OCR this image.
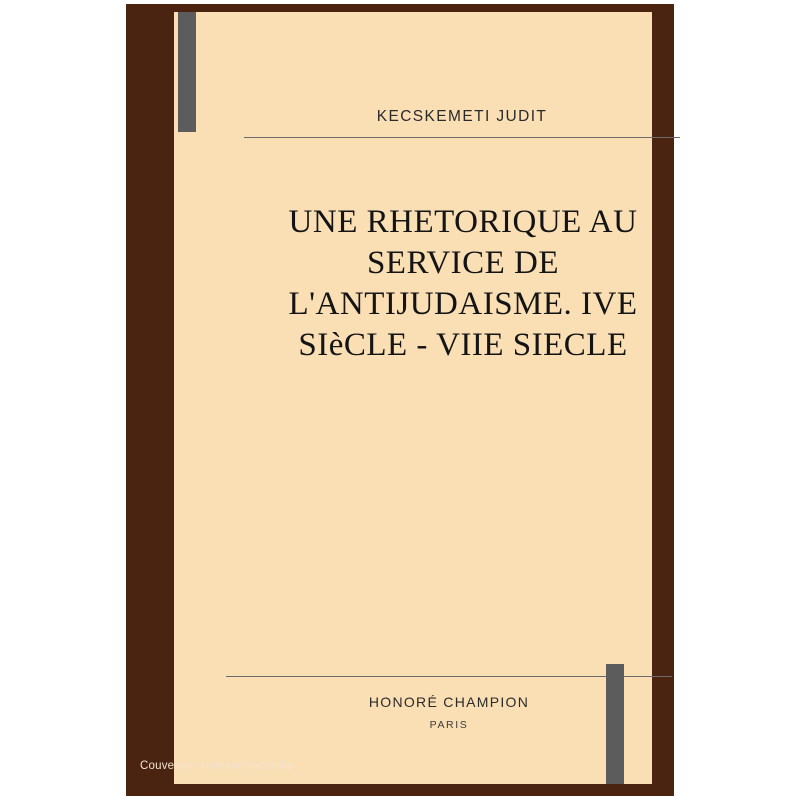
KECSKEMETI JUDIT
UNE RHETORIQUE AU
SERVICE DE
L'ANTIJUDAISME. IVE
SIèCLE - VIIE SIECLE
HONORÉ CHAMPION
PARIS
Couverture non contractuelle
